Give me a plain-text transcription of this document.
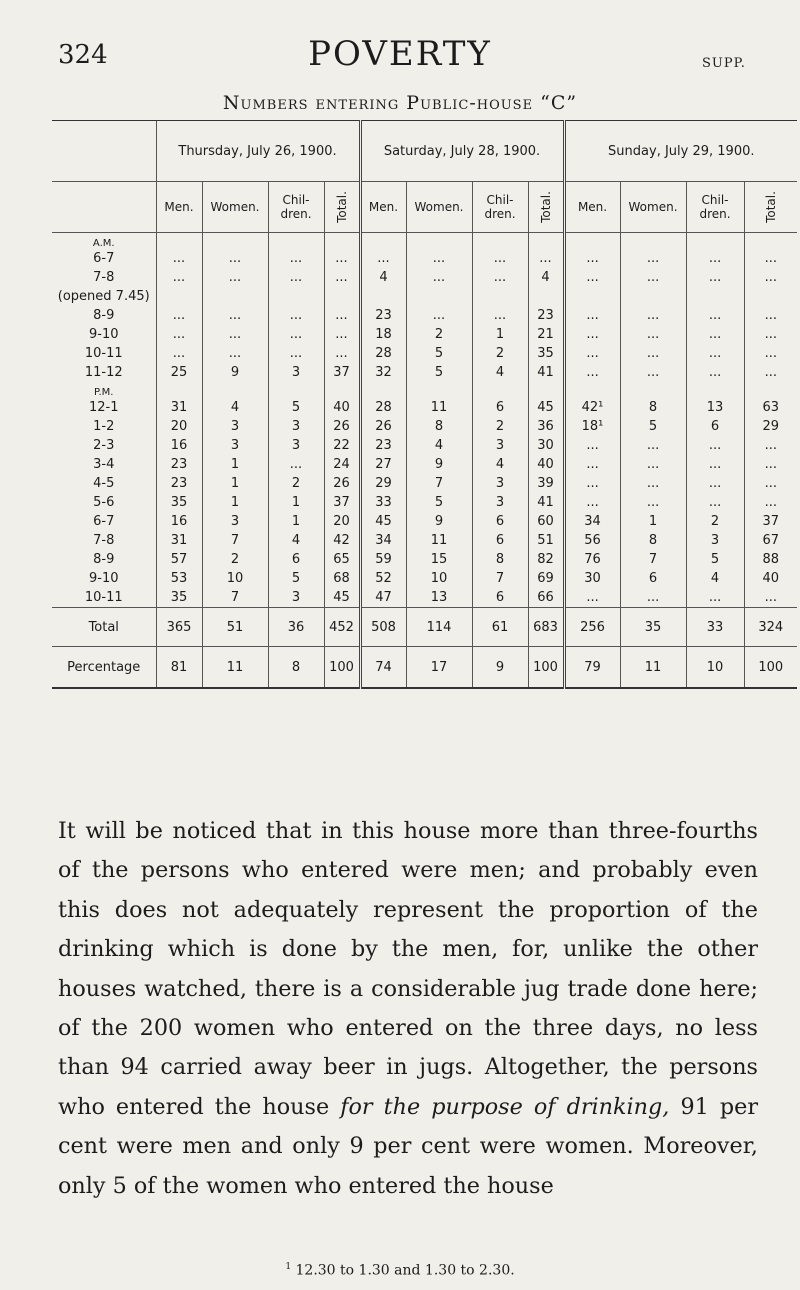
324	POVERTY	SUPP.
Numbers entering Public-house “C”
	Thursday, July 26, 1900.				Saturday, July 28, 1900.				Sunday, July 29, 1900.			
	Men.	Women.	Chil-dren.	Total.	Men.	Women.	Chil-dren.	Total.	Men.	Women.	Chil-dren.	Total.
A.M.												
6-7	...	...	...	...	...	...	...	...	...	...	...	...
7-8	...	...	...	...	4	...	...	4	...	...	...	...
(opened 7.45)												
8-9	...	...	...	...	23	...	...	23	...	...	...	...
9-10	...	...	...	...	18	2	1	21	...	...	...	...
10-11	...	...	...	...	28	5	2	35	...	...	...	...
11-12	25	9	3	37	32	5	4	41	...	...	...	...
P.M.												
12-1	31	4	5	40	28	11	6	45	42¹	8	13	63
1-2	20	3	3	26	26	8	2	36	18¹	5	6	29
2-3	16	3	3	22	23	4	3	30	...	...	...	...
3-4	23	1	...	24	27	9	4	40	...	...	...	...
4-5	23	1	2	26	29	7	3	39	...	...	...	...
5-6	35	1	1	37	33	5	3	41	...	...	...	...
6-7	16	3	1	20	45	9	6	60	34	1	2	37
7-8	31	7	4	42	34	11	6	51	56	8	3	67
8-9	57	2	6	65	59	15	8	82	76	7	5	88
9-10	53	10	5	68	52	10	7	69	30	6	4	40
10-11	35	7	3	45	47	13	6	66	...	...	...	...
Total	365	51	36	452	508	114	61	683	256	35	33	324
Percentage	81	11	8	100	74	17	9	100	79	11	10	100

It will be noticed that in this house more than three-fourths of the persons who entered were men; and probably even this does not adequately represent the proportion of the drinking which is done by the men, for, unlike the other houses watched, there is a considerable jug trade done here; of the 200 women who entered on the three days, no less than 94 carried away beer in jugs. Altogether, the persons who entered the house for the purpose of drinking, 91 per cent were men and only 9 per cent were women. Moreover, only 5 of the women who entered the house

$^1$ 12.30 to 1.30 and 1.30 to 2.30.
